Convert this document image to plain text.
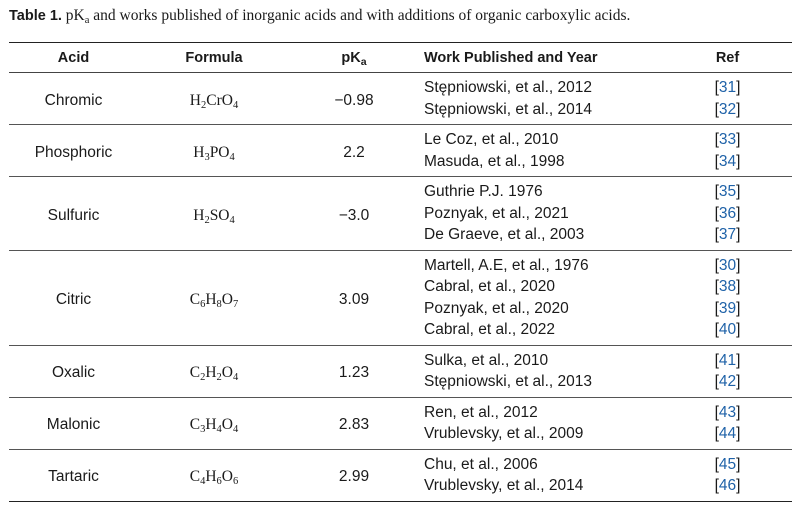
Table 1. $pK_a$ and works published of inorganic acids and with additions of organic carboxylic acids.
Acid	Formula	$pK_a$	Work Published and Year	Ref
Chromic	$H_2CrO_4$	−0.98	Stępniowski, et al., 2012	[31]
			Stępniowski, et al., 2014	[32]
Phosphoric	$H_3PO_4$	2.2	Le Coz, et al., 2010	[33]
			Masuda, et al., 1998	[34]
Sulfuric	$H_2SO_4$	−3.0	Guthrie P.J. 1976	[35]
			Poznyak, et al., 2021	[36]
			De Graeve, et al., 2003	[37]
Citric	$C_6H_8O_7$	3.09	Martell, A.E, et al., 1976	[30]
			Cabral, et al., 2020	[38]
			Poznyak, et al., 2020	[39]
			Cabral, et al., 2022	[40]
Oxalic	$C_2H_2O_4$	1.23	Sulka, et al., 2010	[41]
			Stępniowski, et al., 2013	[42]
Malonic	$C_3H_4O_4$	2.83	Ren, et al., 2012	[43]
			Vrublevsky, et al., 2009	[44]
Tartaric	$C_4H_6O_6$	2.99	Chu, et al., 2006	[45]
			Vrublevsky, et al., 2014	[46]
